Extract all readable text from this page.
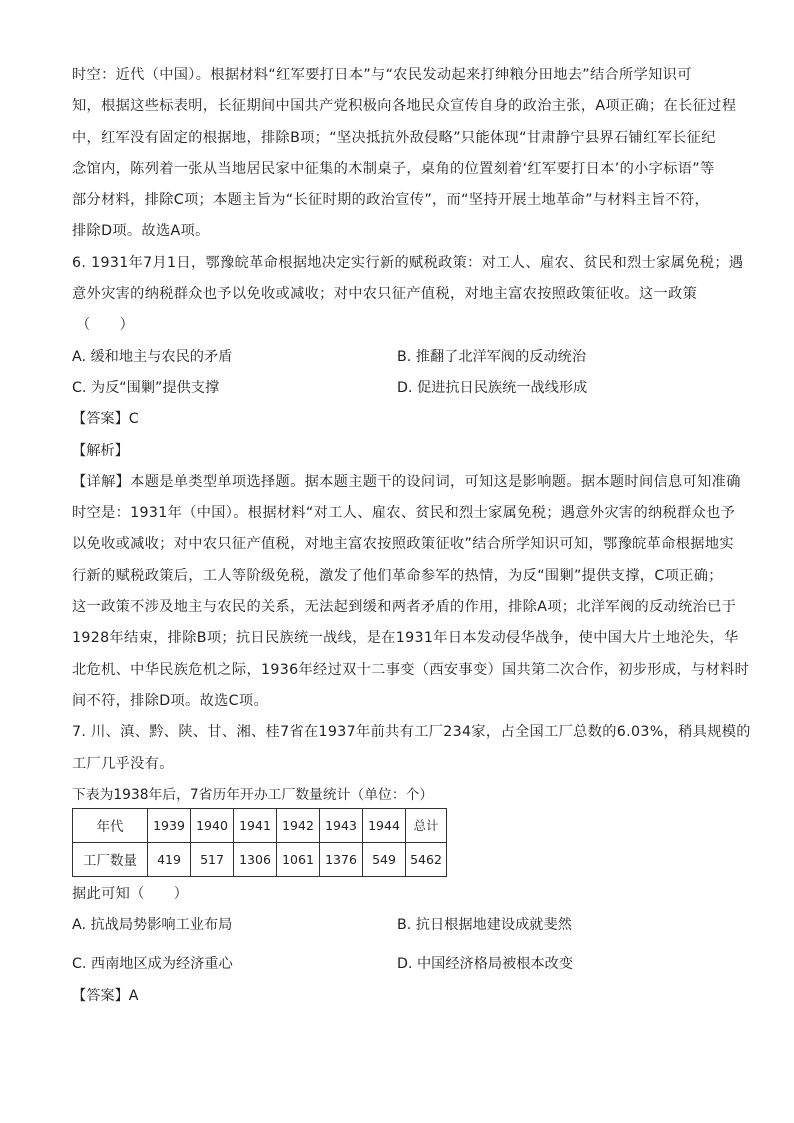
时空：近代（中国）。根据材料“红军要打日本”与“农民发动起来打绅粮分田地去”结合所学知识可

知，根据这些标表明，长征期间中国共产党积极向各地民众宣传自身的政治主张，A项正确；在长征过程

中，红军没有固定的根据地，排除B项；“坚决抵抗外敌侵略”只能体现“甘肃静宁县界石铺红军长征纪

念馆内，陈列着一张从当地居民家中征集的木制桌子，桌角的位置刻着‘红军要打日本’的小字标语”等

部分材料，排除C项；本题主旨为“长征时期的政治宣传”，而“坚持开展土地革命”与材料主旨不符，

排除D项。故选A项。

6. 1931年7月1日，鄂豫皖革命根据地决定实行新的赋税政策：对工人、雇农、贫民和烈士家属免税；遇

意外灾害的纳税群众也予以免收或减收；对中农只征产值税，对地主富农按照政策征收。这一政策

（　　）

A. 缓和地主与农民的矛盾	B. 推翻了北洋军阀的反动统治
C. 为反“围剿”提供支撑	D. 促进抗日民族统一战线形成
【答案】C
【解析】

【详解】本题是单类型单项选择题。据本题主题干的设问词，可知这是影响题。据本题时间信息可知准确

时空是：1931年（中国）。根据材料“对工人、雇农、贫民和烈士家属免税；遇意外灾害的纳税群众也予

以免收或减收；对中农只征产值税，对地主富农按照政策征收”结合所学知识可知，鄂豫皖革命根据地实

行新的赋税政策后，工人等阶级免税，激发了他们革命参军的热情，为反“围剿”提供支撑，C项正确；

这一政策不涉及地主与农民的关系，无法起到缓和两者矛盾的作用，排除A项；北洋军阀的反动统治已于

1928年结束，排除B项；抗日民族统一战线，是在1931年日本发动侵华战争，使中国大片土地沦失，华

北危机、中华民族危机之际，1936年经过双十二事变（西安事变）国共第二次合作，初步形成，与材料时

间不符，排除D项。故选C项。

7. 川、滇、黔、陕、甘、湘、桂7省在1937年前共有工厂234家，占全国工厂总数的6.03%，稍具规模的

工厂几乎没有。

下表为1938年后，7省历年开办工厂数量统计（单位：个）
年代	1939	1940	1941	1942	1943	1944	总计
工厂数量	419	517	1306	1061	1376	549	5462

据此可知（　　）

A. 抗战局势影响工业布局	B. 抗日根据地建设成就斐然
C. 西南地区成为经济重心	D. 中国经济格局被根本改变
【答案】A
